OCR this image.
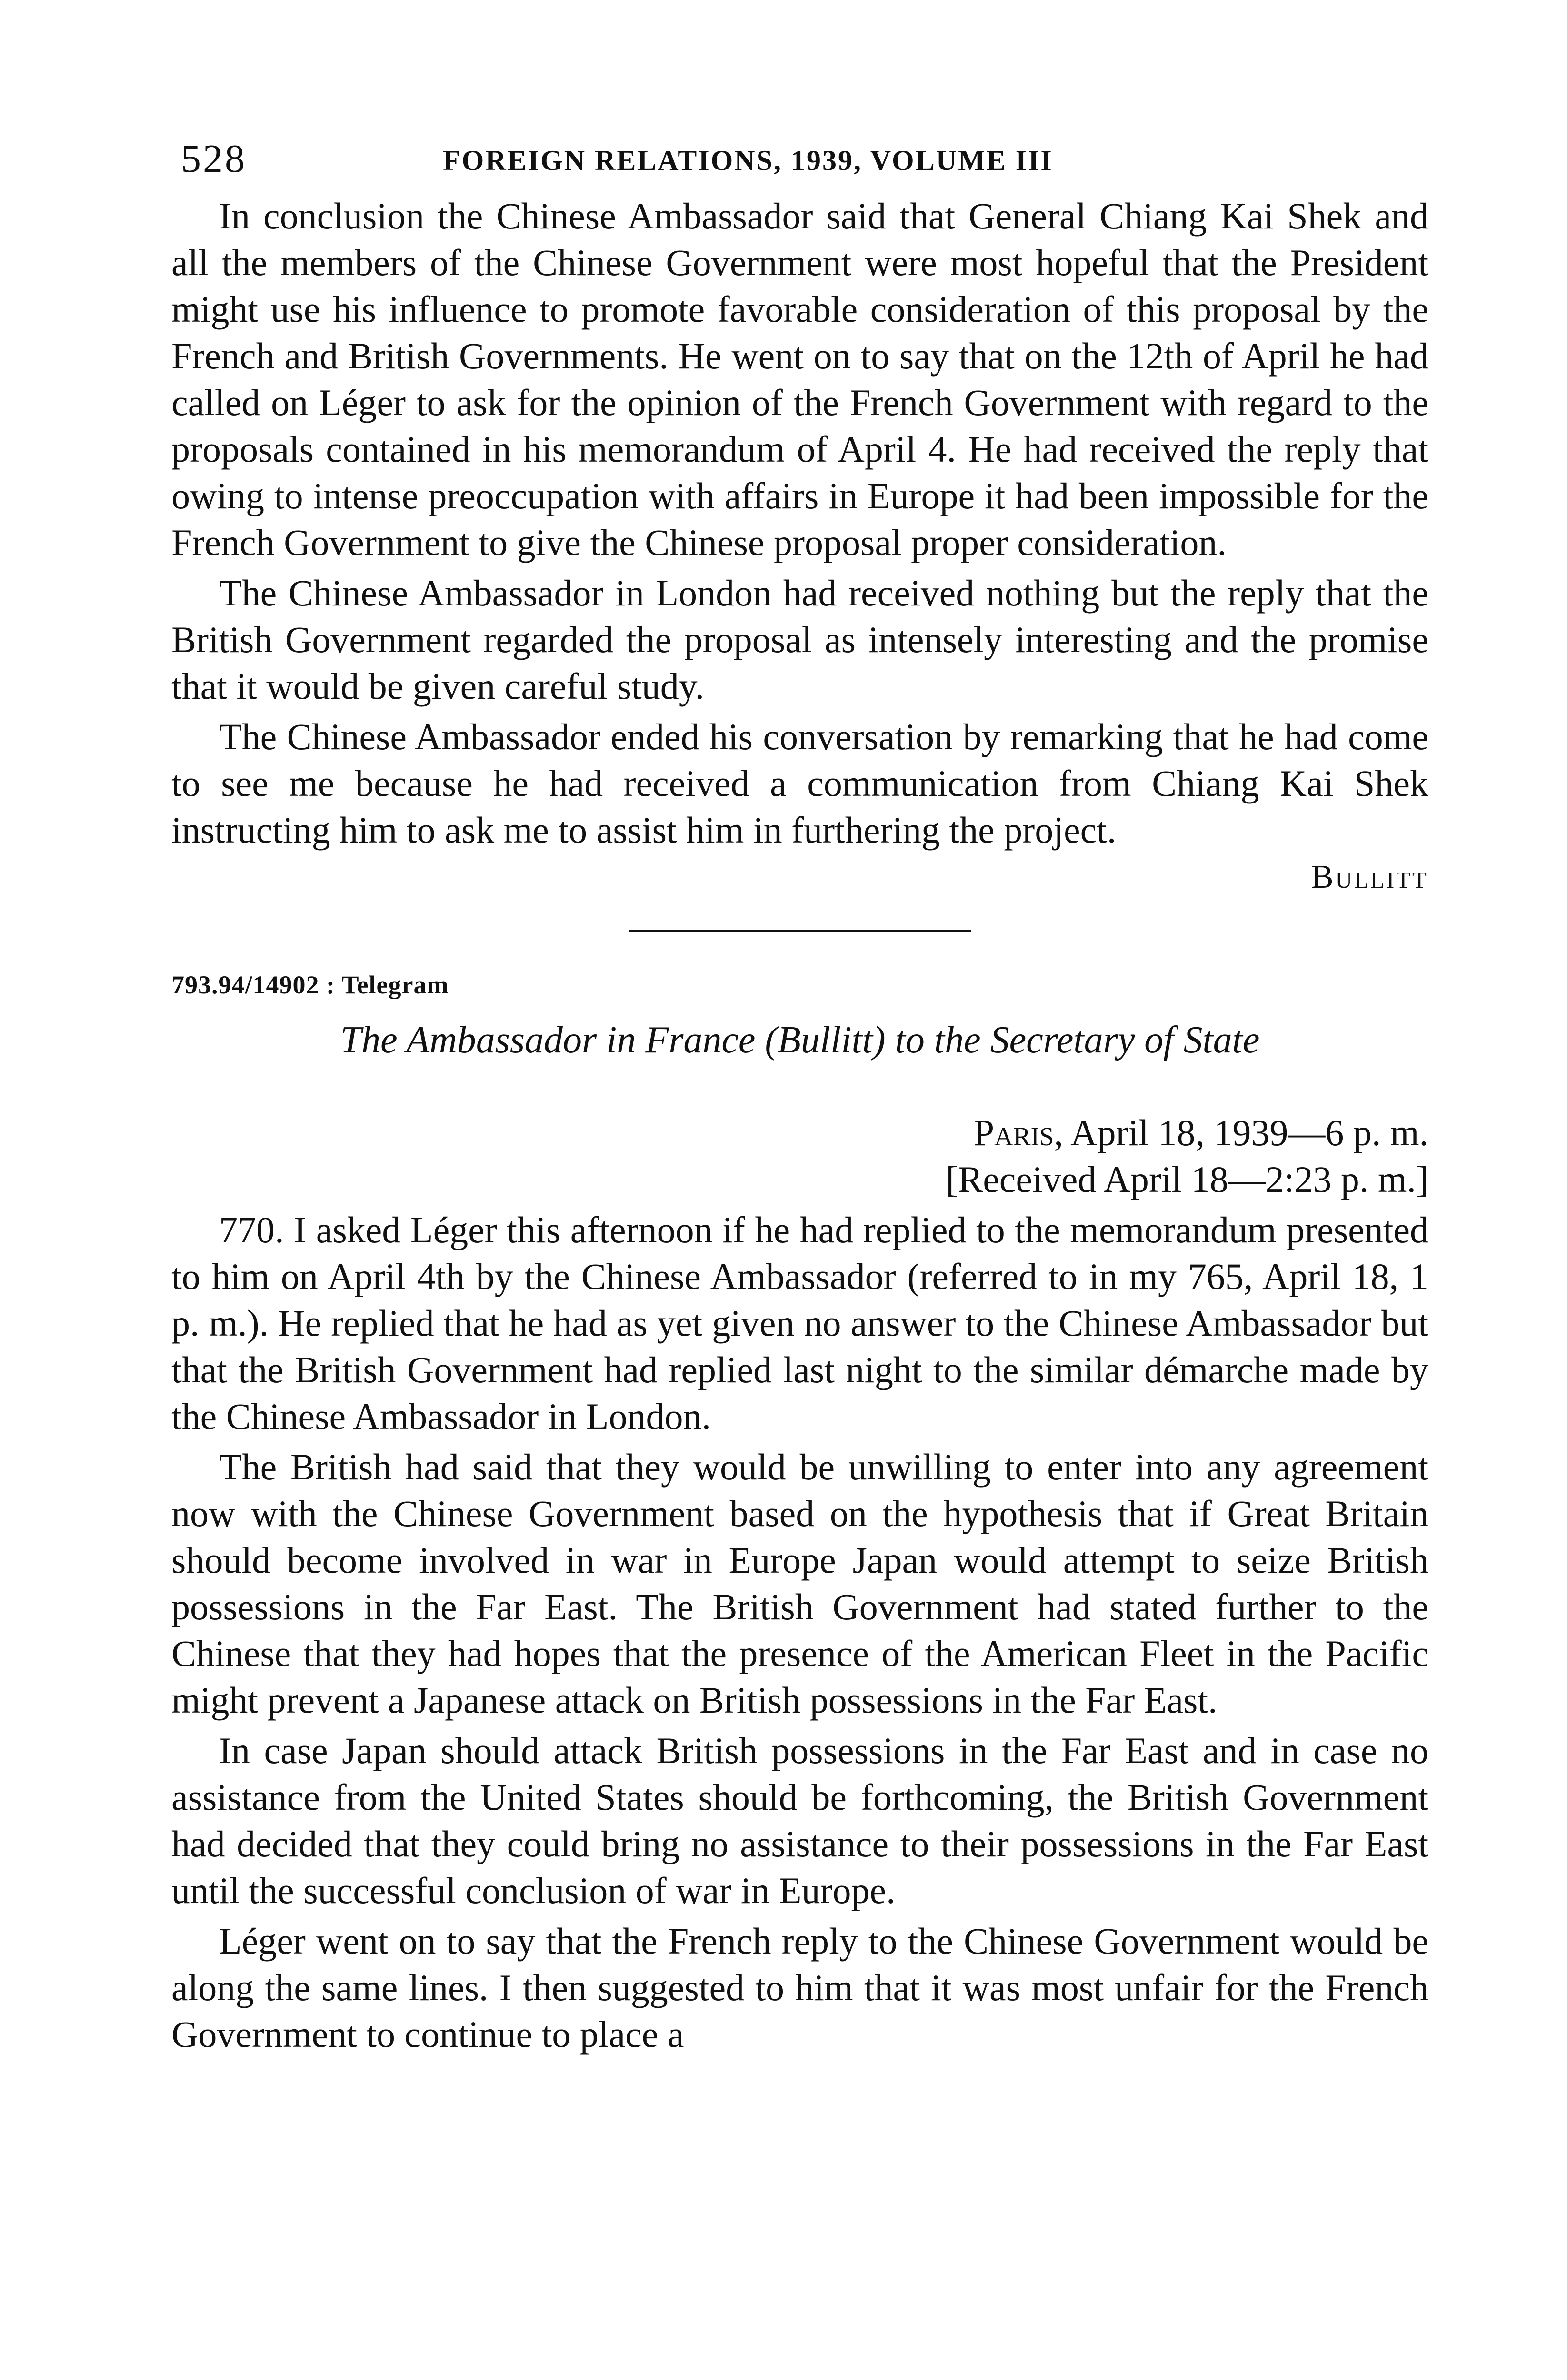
528	FOREIGN RELATIONS, 1939, VOLUME III

In conclusion the Chinese Ambassador said that General Chiang Kai Shek and all the members of the Chinese Government were most hopeful that the President might use his influence to promote favorable consideration of this proposal by the French and British Governments. He went on to say that on the 12th of April he had called on Léger to ask for the opinion of the French Government with regard to the proposals contained in his memorandum of April 4. He had received the reply that owing to intense preoccupation with affairs in Europe it had been impossible for the French Government to give the Chinese proposal proper consideration.

The Chinese Ambassador in London had received nothing but the reply that the British Government regarded the proposal as intensely interesting and the promise that it would be given careful study.

The Chinese Ambassador ended his conversation by remarking that he had come to see me because he had received a communication from Chiang Kai Shek instructing him to ask me to assist him in furthering the project.

Bullitt
793.94/14902 : Telegram
The Ambassador in France (Bullitt) to the Secretary of State
Paris, April 18, 1939—6 p. m.
[Received April 18—2:23 p. m.]

770. I asked Léger this afternoon if he had replied to the memorandum presented to him on April 4th by the Chinese Ambassador (referred to in my 765, April 18, 1 p. m.). He replied that he had as yet given no answer to the Chinese Ambassador but that the British Government had replied last night to the similar démarche made by the Chinese Ambassador in London.

The British had said that they would be unwilling to enter into any agreement now with the Chinese Government based on the hypothesis that if Great Britain should become involved in war in Europe Japan would attempt to seize British possessions in the Far East. The British Government had stated further to the Chinese that they had hopes that the presence of the American Fleet in the Pacific might prevent a Japanese attack on British possessions in the Far East.

In case Japan should attack British possessions in the Far East and in case no assistance from the United States should be forthcoming, the British Government had decided that they could bring no assistance to their possessions in the Far East until the successful conclusion of war in Europe.

Léger went on to say that the French reply to the Chinese Government would be along the same lines. I then suggested to him that it was most unfair for the French Government to continue to place a
